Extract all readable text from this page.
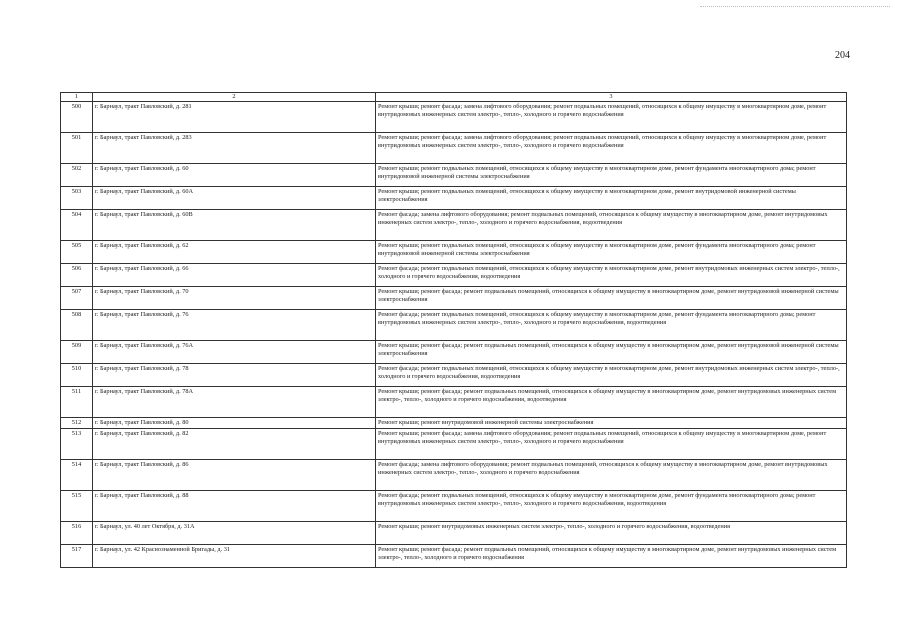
204
1	2	3
500	г. Барнаул, тракт Павловский, д. 281	Ремонт крыши; ремонт фасада; замена лифтового оборудования; ремонт подвальных помещений, относящихся к общему имуществу в многоквартирном доме, ремонт внутридомовых инженерных систем электро-, тепло-, холодного и горячего водоснабжения
501	г. Барнаул, тракт Павловский, д. 283	Ремонт крыши; ремонт фасада; замена лифтового оборудования; ремонт подвальных помещений, относящихся к общему имуществу в многоквартирном доме, ремонт внутридомовых инженерных систем электро-, тепло-, холодного и горячего водоснабжения
502	г. Барнаул, тракт Павловский, д. 60	Ремонт крыши; ремонт подвальных помещений, относящихся к общему имуществу в многоквартирном доме, ремонт фундамента многоквартирного дома; ремонт внутридомовой инженерной системы электроснабжения
503	г. Барнаул, тракт Павловский, д. 60А	Ремонт крыши; ремонт подвальных помещений, относящихся к общему имуществу в многоквартирном доме, ремонт внутридомовой инженерной системы электроснабжения
504	г. Барнаул, тракт Павловский, д. 60В	Ремонт фасада; замена лифтового оборудования; ремонт подвальных помещений, относящихся к общему имуществу в многоквартирном доме, ремонт внутридомовых инженерных систем электро-, тепло-, холодного и горячего водоснабжения, водоотведения
505	г. Барнаул, тракт Павловский, д. 62	Ремонт крыши; ремонт подвальных помещений, относящихся к общему имуществу в многоквартирном доме, ремонт фундамента многоквартирного дома; ремонт внутридомовой инженерной системы электроснабжения
506	г. Барнаул, тракт Павловский, д. 66	Ремонт фасада; ремонт подвальных помещений, относящихся к общему имуществу в многоквартирном доме, ремонт внутридомовых инженерных систем электро-, тепло-, холодного и горячего водоснабжения, водоотведения
507	г. Барнаул, тракт Павловский, д. 70	Ремонт крыши; ремонт фасада; ремонт подвальных помещений, относящихся к общему имуществу в многоквартирном доме, ремонт внутридомовой инженерной системы электроснабжения
508	г. Барнаул, тракт Павловский, д. 76	Ремонт фасада; ремонт подвальных помещений, относящихся к общему имуществу в многоквартирном доме, ремонт фундамента многоквартирного дома; ремонт внутридомовых инженерных систем электро-, тепло-, холодного и горячего водоснабжения, водоотведения
509	г. Барнаул, тракт Павловский, д. 76А	Ремонт крыши; ремонт фасада; ремонт подвальных помещений, относящихся к общему имуществу в многоквартирном доме, ремонт внутридомовой инженерной системы электроснабжения
510	г. Барнаул, тракт Павловский, д. 78	Ремонт фасада; ремонт подвальных помещений, относящихся к общему имуществу в многоквартирном доме, ремонт внутридомовых инженерных систем электро-, тепло-, холодного и горячего водоснабжения, водоотведения
511	г. Барнаул, тракт Павловский, д. 78А	Ремонт крыши; ремонт фасада; ремонт подвальных помещений, относящихся к общему имуществу в многоквартирном доме, ремонт внутридомовых инженерных систем электро-, тепло-, холодного и горячего водоснабжения, водоотведения
512	г. Барнаул, тракт Павловский, д. 80	Ремонт крыши; ремонт внутридомовой инженерной системы электроснабжения
513	г. Барнаул, тракт Павловский, д. 82	Ремонт крыши; ремонт фасада; замена лифтового оборудования; ремонт подвальных помещений, относящихся к общему имуществу в многоквартирном доме, ремонт внутридомовых инженерных систем электро-, тепло-, холодного и горячего водоснабжения
514	г. Барнаул, тракт Павловский, д. 86	Ремонт фасада; замена лифтового оборудования; ремонт подвальных помещений, относящихся к общему имуществу в многоквартирном доме, ремонт внутридомовых инженерных систем электро-, тепло-, холодного и горячего водоснабжения
515	г. Барнаул, тракт Павловский, д. 88	Ремонт фасада; ремонт подвальных помещений, относящихся к общему имуществу в многоквартирном доме, ремонт фундамента многоквартирного дома; ремонт внутридомовых инженерных систем электро-, тепло-, холодного и горячего водоснабжения, водоотведения
516	г. Барнаул, ул. 40 лет Октября, д. 31А	Ремонт крыши; ремонт внутридомовых инженерных систем электро-, тепло-, холодного и горячего водоснабжения, водоотведения
517	г. Барнаул, ул. 42 Краснознаменной Бригады, д. 31	Ремонт крыши; ремонт фасада; ремонт подвальных помещений, относящихся к общему имуществу в многоквартирном доме, ремонт внутридомовых инженерных систем электро-, тепло-, холодного и горячего водоснабжения
